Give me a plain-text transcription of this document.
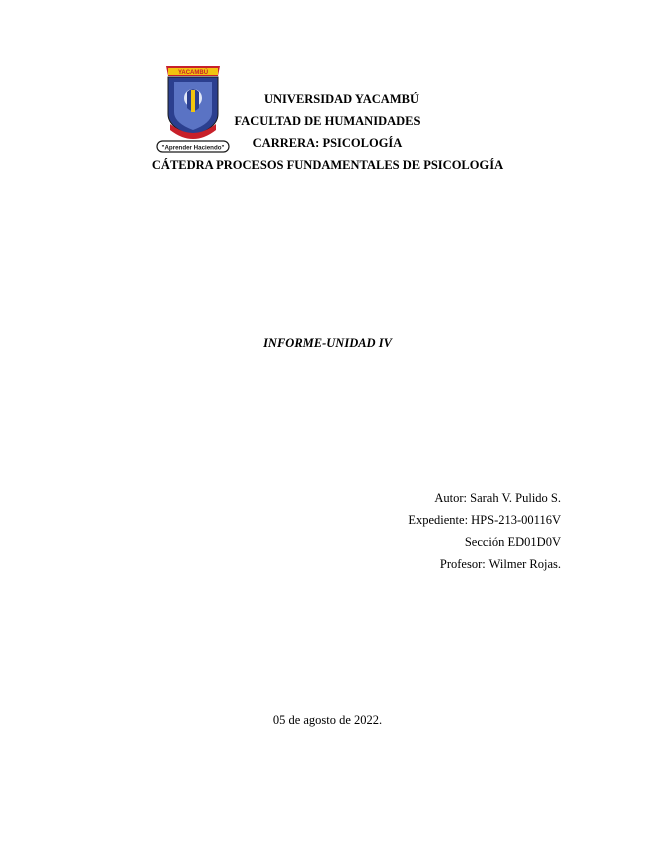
YACAMBÚ
"Aprender Haciendo"
UNIVERSIDAD YACAMBÚ
FACULTAD DE HUMANIDADES
CARRERA: PSICOLOGÍA
CÁTEDRA PROCESOS FUNDAMENTALES DE PSICOLOGÍA
INFORME-UNIDAD IV
Autor: Sarah V. Pulido S.
Expediente: HPS-213-00116V
Sección ED01D0V
Profesor: Wilmer Rojas.
05 de agosto de 2022.
